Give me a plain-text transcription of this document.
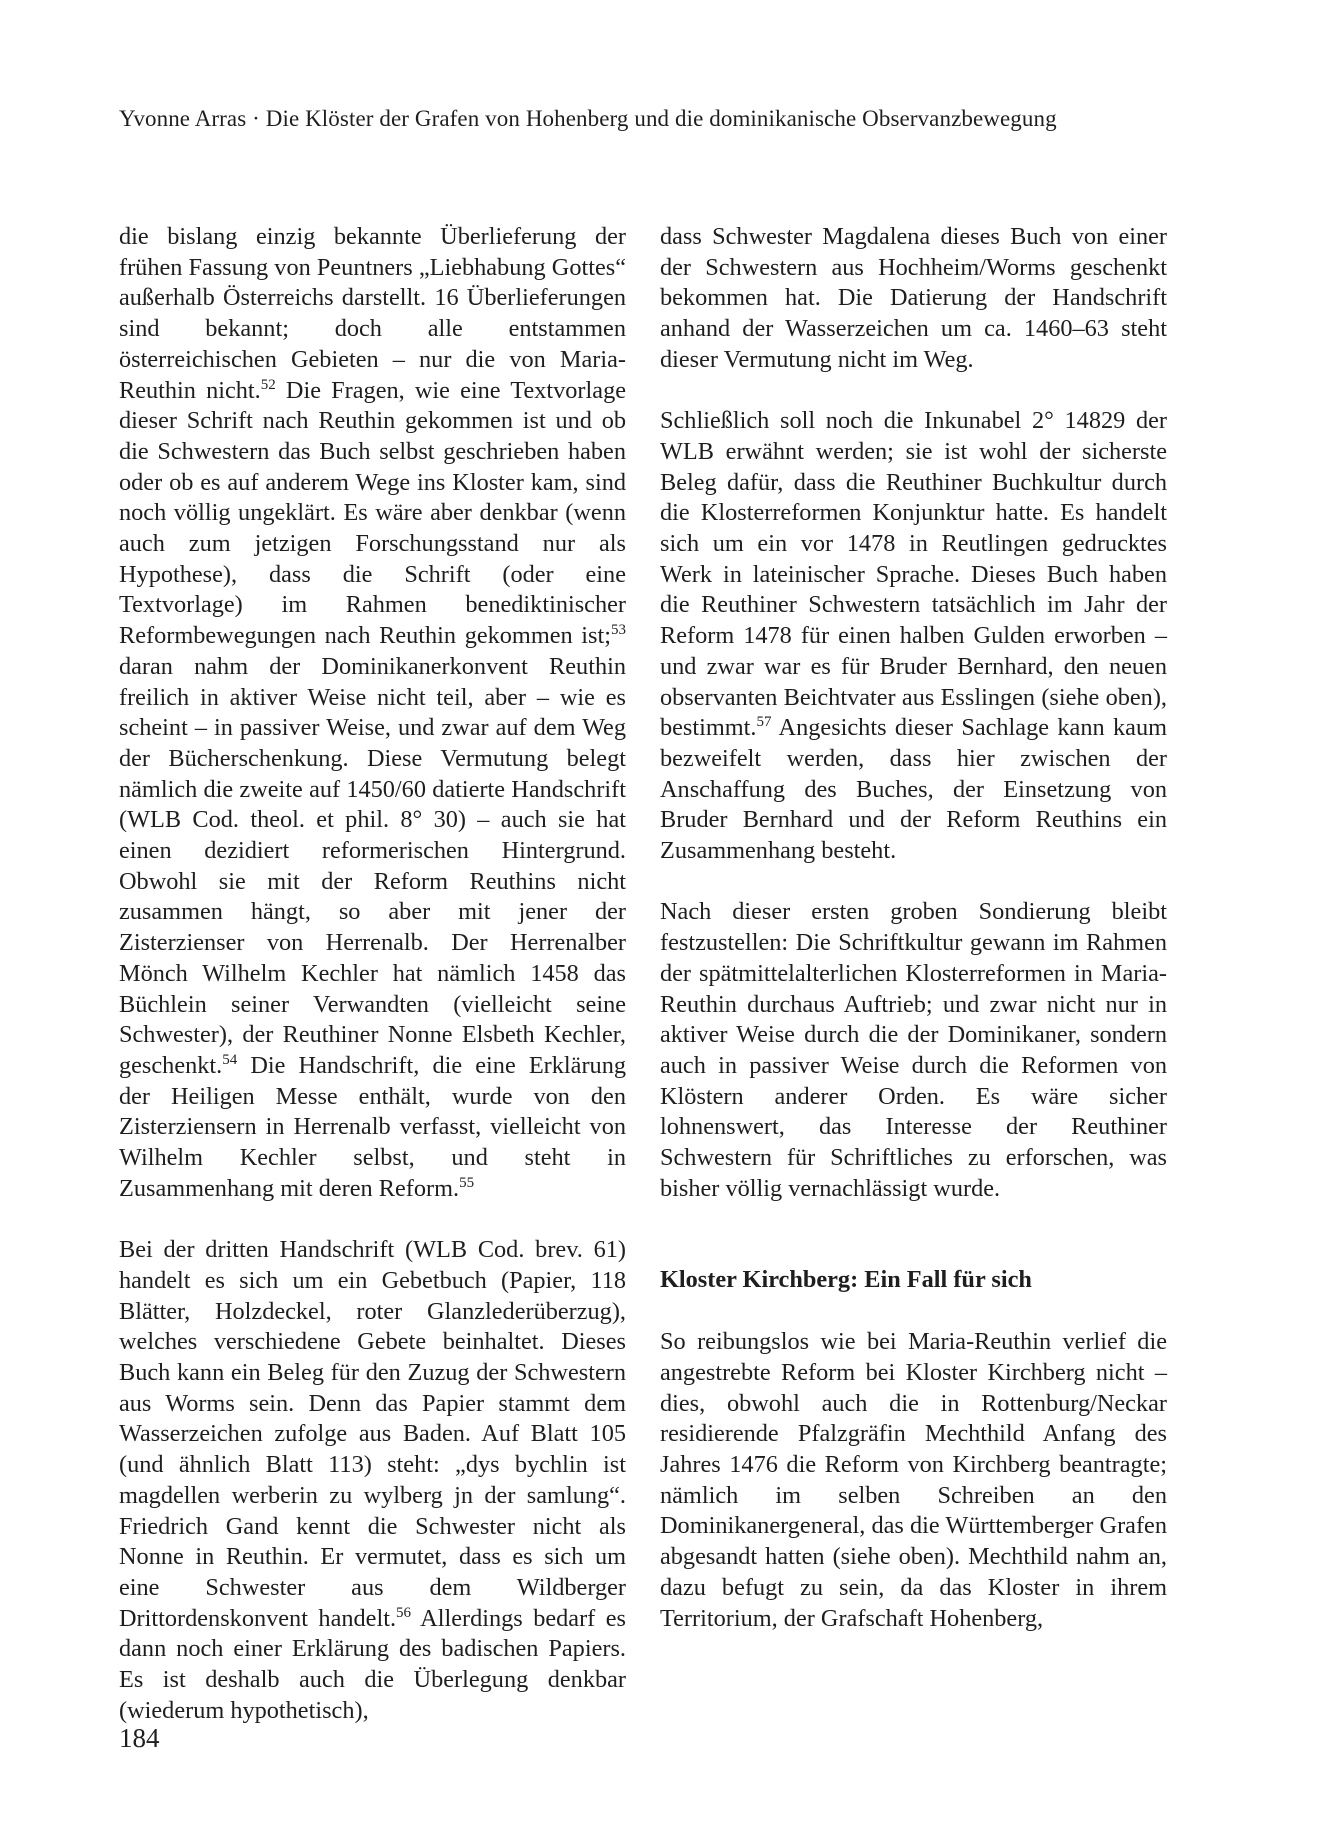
Yvonne Arras · Die Klöster der Grafen von Hohenberg und die dominikanische Observanzbewegung

die bislang einzig bekannte Überlieferung der frühen Fassung von Peuntners „Liebhabung Gottes“ außerhalb Österreichs darstellt. 16 Überlieferungen sind bekannt; doch alle entstammen österreichischen Gebieten – nur die von Maria-Reuthin nicht.$^{52}$ Die Fragen, wie eine Textvorlage dieser Schrift nach Reuthin gekommen ist und ob die Schwestern das Buch selbst geschrieben haben oder ob es auf anderem Wege ins Kloster kam, sind noch völlig ungeklärt. Es wäre aber denkbar (wenn auch zum jetzigen Forschungsstand nur als Hypothese), dass die Schrift (oder eine Textvorlage) im Rahmen benediktinischer Reformbewegungen nach Reuthin gekommen ist;$^{53}$ daran nahm der Dominikanerkonvent Reuthin freilich in aktiver Weise nicht teil, aber – wie es scheint – in passiver Weise, und zwar auf dem Weg der Bücherschenkung. Diese Vermutung belegt nämlich die zweite auf 1450/60 datierte Handschrift (WLB Cod. theol. et phil. 8° 30) – auch sie hat einen dezidiert reformerischen Hintergrund. Obwohl sie mit der Reform Reuthins nicht zusammen hängt, so aber mit jener der Zisterzienser von Herrenalb. Der Herrenalber Mönch Wilhelm Kechler hat nämlich 1458 das Büchlein seiner Verwandten (vielleicht seine Schwester), der Reuthiner Nonne Elsbeth Kechler, geschenkt.$^{54}$ Die Handschrift, die eine Erklärung der Heiligen Messe enthält, wurde von den Zisterziensern in Herrenalb verfasst, vielleicht von Wilhelm Kechler selbst, und steht in Zusammenhang mit deren Reform.$^{55}$

Bei der dritten Handschrift (WLB Cod. brev. 61) handelt es sich um ein Gebetbuch (Papier, 118 Blätter, Holzdeckel, roter Glanzlederüberzug), welches verschiedene Gebete beinhaltet. Dieses Buch kann ein Beleg für den Zuzug der Schwestern aus Worms sein. Denn das Papier stammt dem Wasserzeichen zufolge aus Baden. Auf Blatt 105 (und ähnlich Blatt 113) steht: „dys bychlin ist magdellen werberin zu wylberg jn der samlung“. Friedrich Gand kennt die Schwester nicht als Nonne in Reuthin. Er vermutet, dass es sich um eine Schwester aus dem Wildberger Drittordenskonvent handelt.$^{56}$ Allerdings bedarf es dann noch einer Erklärung des badischen Papiers. Es ist deshalb auch die Überlegung denkbar (wiederum hypothetisch),

dass Schwester Magdalena dieses Buch von einer der Schwestern aus Hochheim/Worms geschenkt bekommen hat. Die Datierung der Handschrift anhand der Wasserzeichen um ca. 1460–63 steht dieser Vermutung nicht im Weg.

Schließlich soll noch die Inkunabel 2° 14829 der WLB erwähnt werden; sie ist wohl der sicherste Beleg dafür, dass die Reuthiner Buchkultur durch die Klosterreformen Konjunktur hatte. Es handelt sich um ein vor 1478 in Reutlingen gedrucktes Werk in lateinischer Sprache. Dieses Buch haben die Reuthiner Schwestern tatsächlich im Jahr der Reform 1478 für einen halben Gulden erworben – und zwar war es für Bruder Bernhard, den neuen observanten Beichtvater aus Esslingen (siehe oben), bestimmt.$^{57}$ Angesichts dieser Sachlage kann kaum bezweifelt werden, dass hier zwischen der Anschaffung des Buches, der Einsetzung von Bruder Bernhard und der Reform Reuthins ein Zusammenhang besteht.

Nach dieser ersten groben Sondierung bleibt festzustellen: Die Schriftkultur gewann im Rahmen der spätmittelalterlichen Klosterreformen in Maria-Reuthin durchaus Auftrieb; und zwar nicht nur in aktiver Weise durch die der Dominikaner, sondern auch in passiver Weise durch die Reformen von Klöstern anderer Orden. Es wäre sicher lohnenswert, das Interesse der Reuthiner Schwestern für Schriftliches zu erforschen, was bisher völlig vernachlässigt wurde.

Kloster Kirchberg: Ein Fall für sich

So reibungslos wie bei Maria-Reuthin verlief die angestrebte Reform bei Kloster Kirchberg nicht – dies, obwohl auch die in Rottenburg/Neckar residierende Pfalzgräfin Mechthild Anfang des Jahres 1476 die Reform von Kirchberg beantragte; nämlich im selben Schreiben an den Dominikanergeneral, das die Württemberger Grafen abgesandt hatten (siehe oben). Mechthild nahm an, dazu befugt zu sein, da das Kloster in ihrem Territorium, der Grafschaft Hohenberg,

184
